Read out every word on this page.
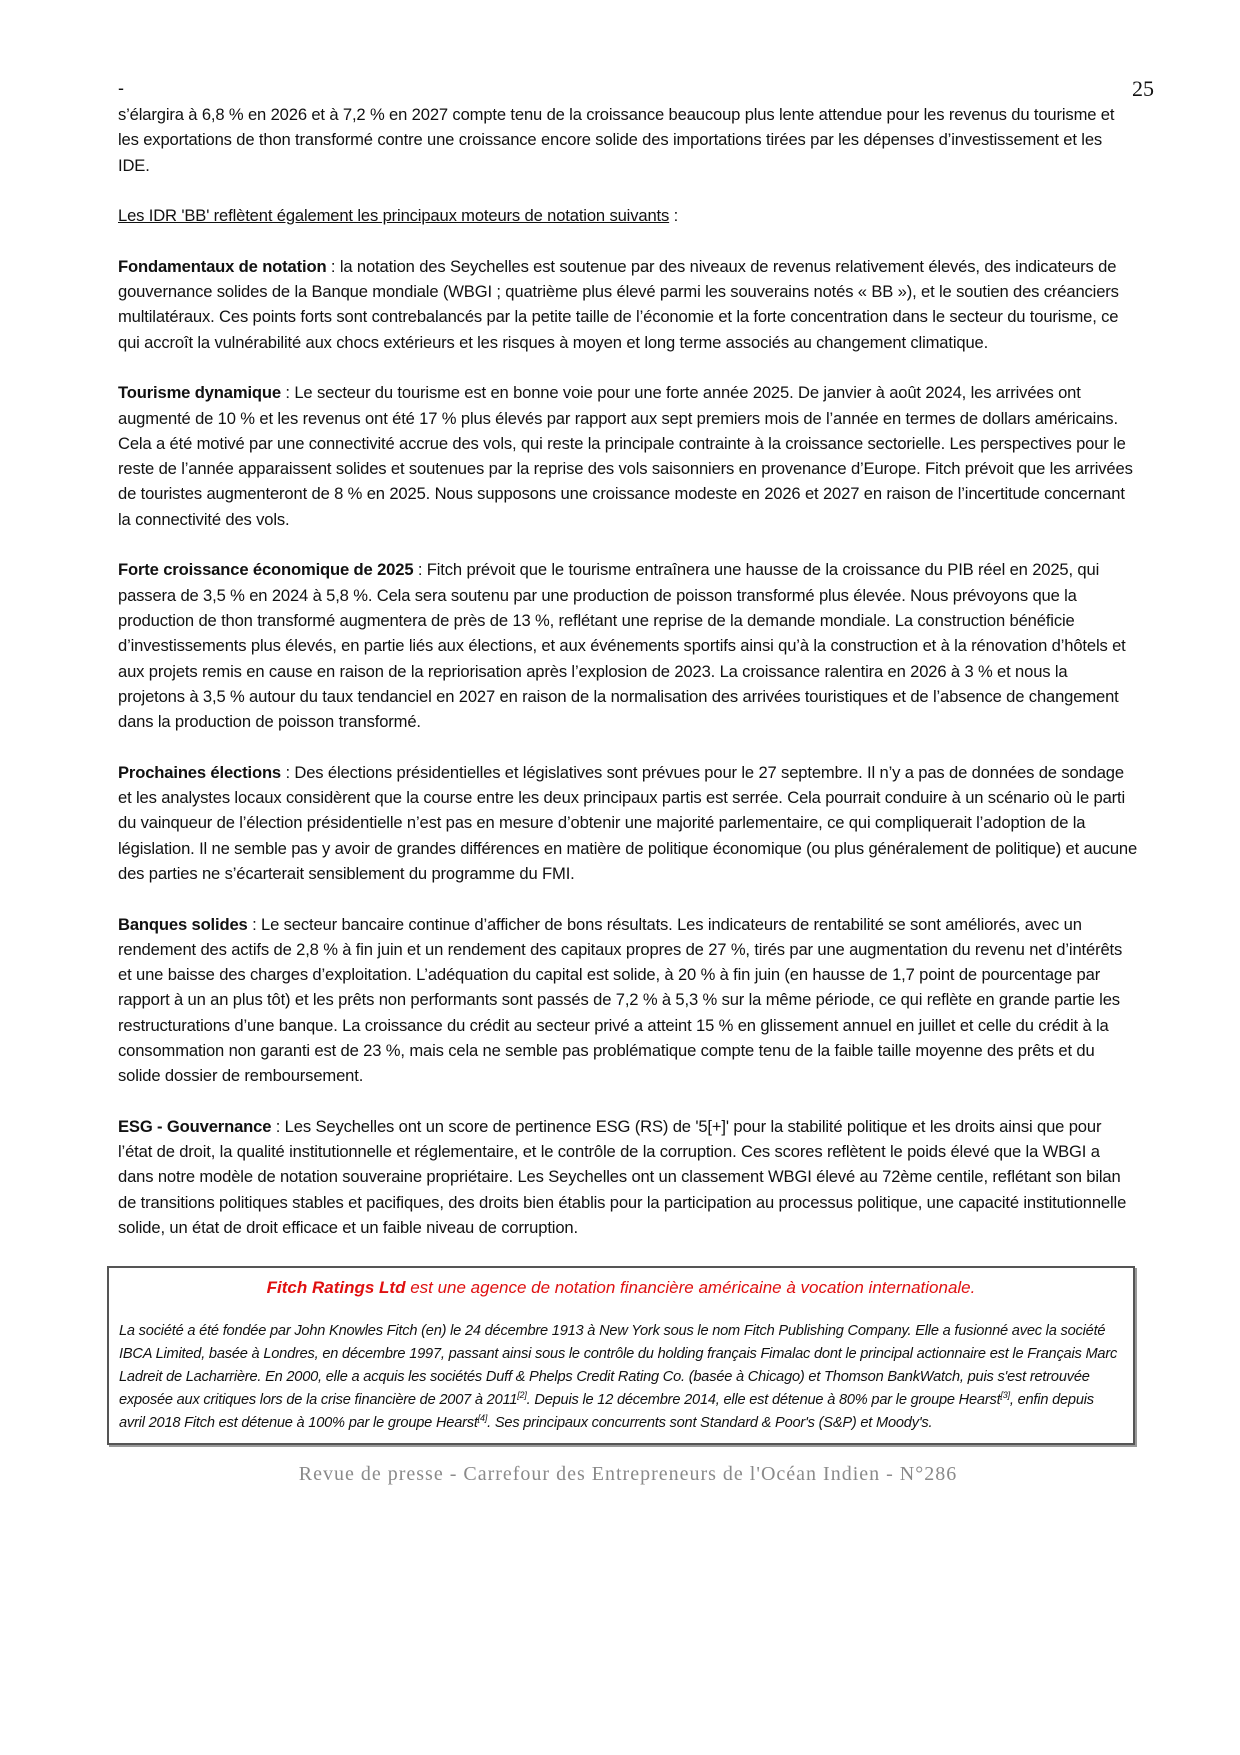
-	25

s’élargira à 6,8 % en 2026 et à 7,2 % en 2027 compte tenu de la croissance beaucoup plus lente attendue pour les revenus du tourisme et les exportations de thon transformé contre une croissance encore solide des importations tirées par les dépenses d’investissement et les IDE.

Les IDR 'BB' reflètent également les principaux moteurs de notation suivants :

Fondamentaux de notation : la notation des Seychelles est soutenue par des niveaux de revenus relativement élevés, des indicateurs de gouvernance solides de la Banque mondiale (WBGI ; quatrième plus élevé parmi les souverains notés « BB »), et le soutien des créanciers multilatéraux. Ces points forts sont contrebalancés par la petite taille de l’économie et la forte concentration dans le secteur du tourisme, ce qui accroît la vulnérabilité aux chocs extérieurs et les risques à moyen et long terme associés au changement climatique.

Tourisme dynamique : Le secteur du tourisme est en bonne voie pour une forte année 2025. De janvier à août 2024, les arrivées ont augmenté de 10 % et les revenus ont été 17 % plus élevés par rapport aux sept premiers mois de l’année en termes de dollars américains. Cela a été motivé par une connectivité accrue des vols, qui reste la principale contrainte à la croissance sectorielle. Les perspectives pour le reste de l’année apparaissent solides et soutenues par la reprise des vols saisonniers en provenance d’Europe. Fitch prévoit que les arrivées de touristes augmenteront de 8 % en 2025. Nous supposons une croissance modeste en 2026 et 2027 en raison de l’incertitude concernant la connectivité des vols.

Forte croissance économique de 2025 : Fitch prévoit que le tourisme entraînera une hausse de la croissance du PIB réel en 2025, qui passera de 3,5 % en 2024 à 5,8 %. Cela sera soutenu par une production de poisson transformé plus élevée. Nous prévoyons que la production de thon transformé augmentera de près de 13 %, reflétant une reprise de la demande mondiale. La construction bénéficie d’investissements plus élevés, en partie liés aux élections, et aux événements sportifs ainsi qu’à la construction et à la rénovation d’hôtels et aux projets remis en cause en raison de la repriorisation après l’explosion de 2023. La croissance ralentira en 2026 à 3 % et nous la projetons à 3,5 % autour du taux tendanciel en 2027 en raison de la normalisation des arrivées touristiques et de l’absence de changement dans la production de poisson transformé.

Prochaines élections : Des élections présidentielles et législatives sont prévues pour le 27 septembre. Il n’y a pas de données de sondage et les analystes locaux considèrent que la course entre les deux principaux partis est serrée. Cela pourrait conduire à un scénario où le parti du vainqueur de l’élection présidentielle n’est pas en mesure d’obtenir une majorité parlementaire, ce qui compliquerait l’adoption de la législation. Il ne semble pas y avoir de grandes différences en matière de politique économique (ou plus généralement de politique) et aucune des parties ne s’écarterait sensiblement du programme du FMI.

Banques solides : Le secteur bancaire continue d’afficher de bons résultats. Les indicateurs de rentabilité se sont améliorés, avec un rendement des actifs de 2,8 % à fin juin et un rendement des capitaux propres de 27 %, tirés par une augmentation du revenu net d’intérêts et une baisse des charges d’exploitation. L’adéquation du capital est solide, à 20 % à fin juin (en hausse de 1,7 point de pourcentage par rapport à un an plus tôt) et les prêts non performants sont passés de 7,2 % à 5,3 % sur la même période, ce qui reflète en grande partie les restructurations d’une banque. La croissance du crédit au secteur privé a atteint 15 % en glissement annuel en juillet et celle du crédit à la consommation non garanti est de 23 %, mais cela ne semble pas problématique compte tenu de la faible taille moyenne des prêts et du solide dossier de remboursement.

ESG - Gouvernance : Les Seychelles ont un score de pertinence ESG (RS) de '5[+]' pour la stabilité politique et les droits ainsi que pour l’état de droit, la qualité institutionnelle et réglementaire, et le contrôle de la corruption. Ces scores reflètent le poids élevé que la WBGI a dans notre modèle de notation souveraine propriétaire. Les Seychelles ont un classement WBGI élevé au 72ème centile, reflétant son bilan de transitions politiques stables et pacifiques, des droits bien établis pour la participation au processus politique, une capacité institutionnelle solide, un état de droit efficace et un faible niveau de corruption.

Fitch Ratings Ltd est une agence de notation financière américaine à vocation internationale.
La société a été fondée par John Knowles Fitch (en) le 24 décembre 1913 à New York sous le nom Fitch Publishing Company. Elle a fusionné avec la société IBCA Limited, basée à Londres, en décembre 1997, passant ainsi sous le contrôle du holding français Fimalac dont le principal actionnaire est le Français Marc Ladreit de Lacharrière. En 2000, elle a acquis les sociétés Duff & Phelps Credit Rating Co. (basée à Chicago) et Thomson BankWatch, puis s'est retrouvée exposée aux critiques lors de la crise financière de 2007 à 2011[2]. Depuis le 12 décembre 2014, elle est détenue à 80% par le groupe Hearst[3], enfin depuis avril 2018 Fitch est détenue à 100% par le groupe Hearst[4]. Ses principaux concurrents sont Standard & Poor's (S&P) et Moody's.
Revue de presse - Carrefour des Entrepreneurs de l'Océan Indien - N°286
